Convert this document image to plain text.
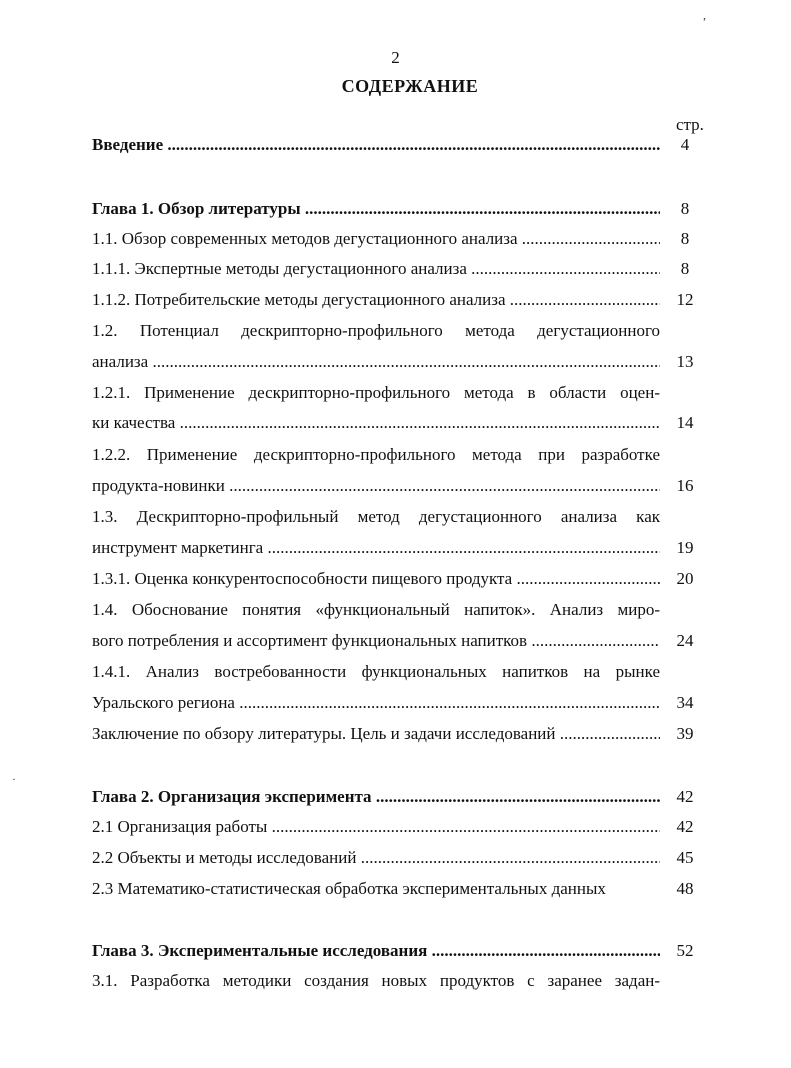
2
СОДЕРЖАНИЕ
стр.
Введение .....	4
Глава 1. Обзор литературы .....	8
1.1. Обзор современных методов дегустационного анализа .....	8
1.1.1. Экспертные методы дегустационного анализа .....	8
1.1.2. Потребительские методы дегустационного анализа .....	12
1.2. Потенциал дескрипторно-профильного метода дегустационного
анализа .....	13
1.2.1. Применение дескрипторно-профильного метода в области оцен-
ки качества .....	14
1.2.2. Применение дескрипторно-профильного метода при разработке
продукта-новинки .....	16
1.3. Дескрипторно-профильный метод дегустационного анализа как
инструмент маркетинга .....	19
1.3.1. Оценка конкурентоспособности пищевого продукта .....	20
1.4. Обоснование понятия «функциональный напиток». Анализ миро-
вого потребления и ассортимент функциональных напитков .....	24
1.4.1. Анализ востребованности функциональных напитков на рынке
Уральского региона .....	34
Заключение по обзору литературы. Цель и задачи исследований .....	39
Глава 2. Организация эксперимента .....	42
2.1 Организация работы .....	42
2.2 Объекты и методы исследований .....	45
2.3 Математико-статистическая обработка экспериментальных данных	48
Глава 3. Экспериментальные исследования .....	52
3.1. Разработка методики создания новых продуктов с заранее задан-
,
·
